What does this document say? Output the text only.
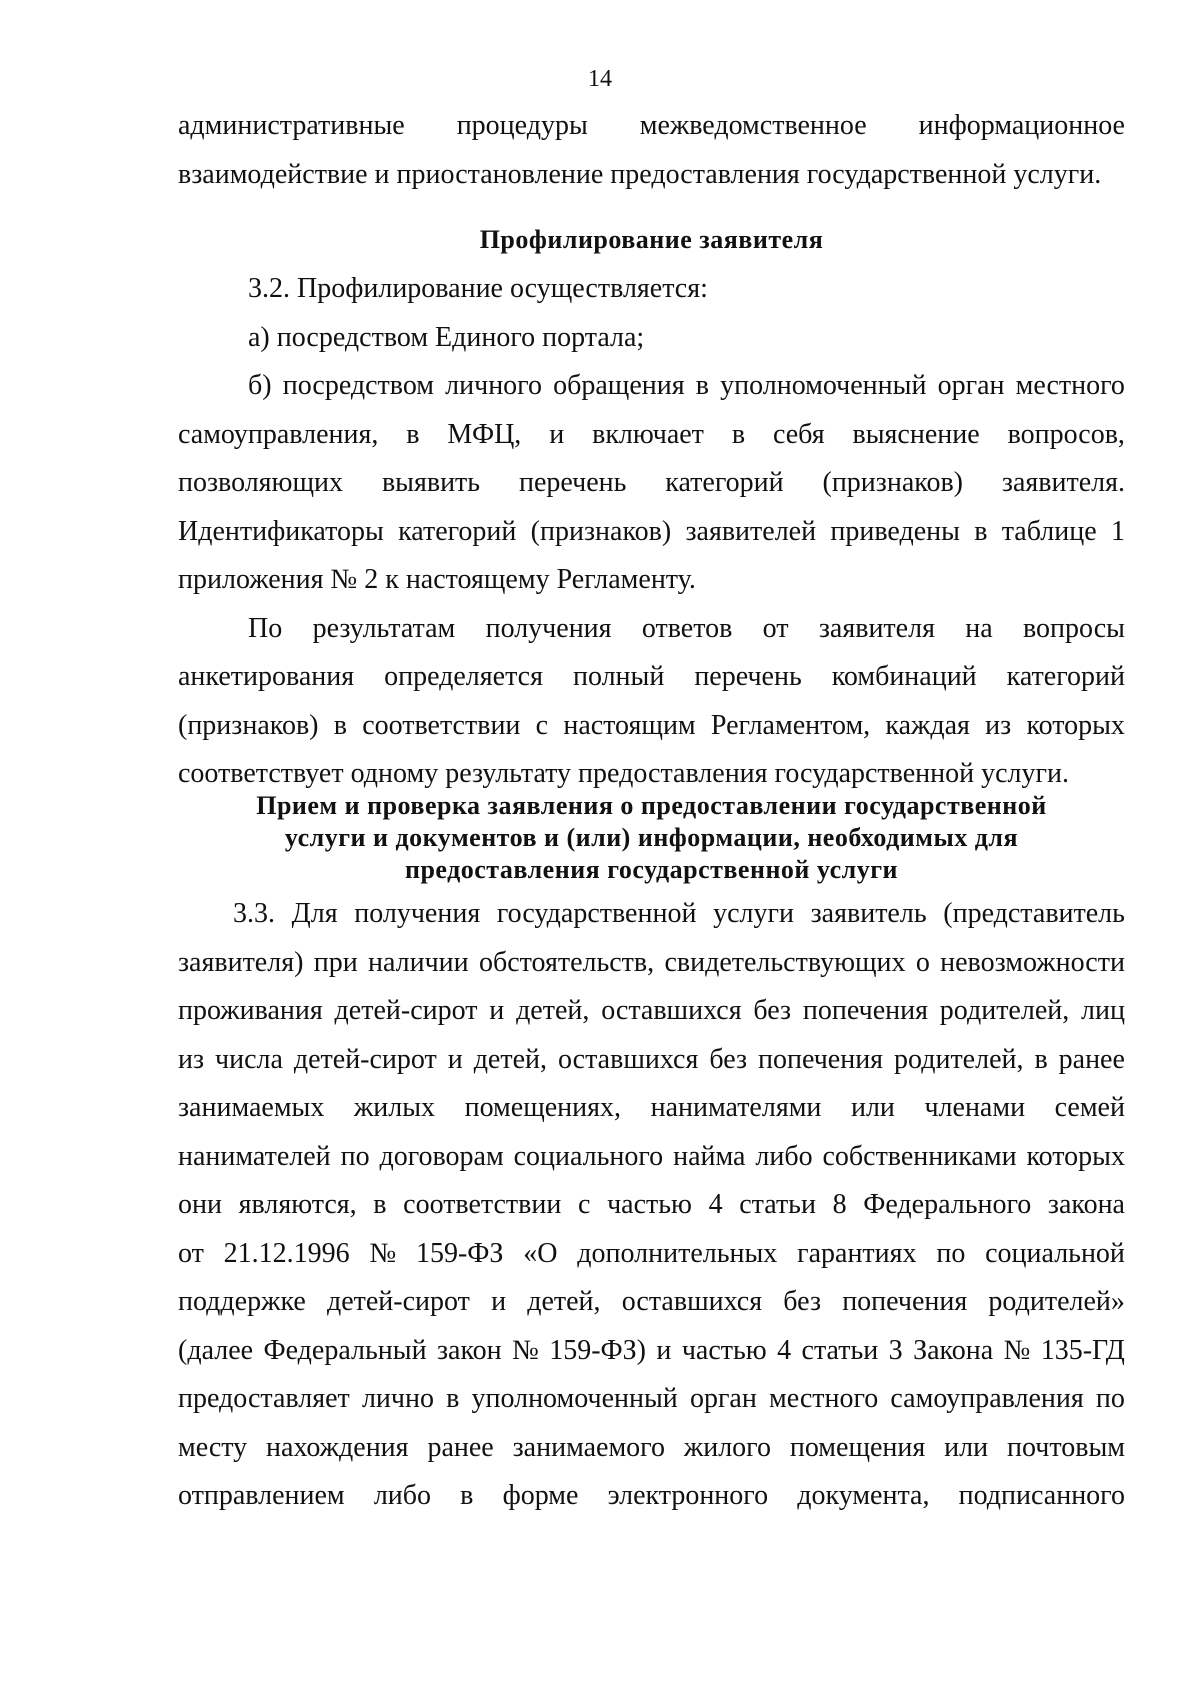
14
административные процедуры межведомственное информационное
взаимодействие и приостановление предоставления государственной услуги.
Профилирование заявителя
3.2. Профилирование осуществляется:
а) посредством Единого портала;
б) посредством личного обращения в уполномоченный орган местного
самоуправления, в МФЦ, и включает в себя выяснение вопросов,
позволяющих выявить перечень категорий (признаков) заявителя.
Идентификаторы категорий (признаков) заявителей приведены в таблице 1
приложения № 2 к настоящему Регламенту.
По результатам получения ответов от заявителя на вопросы
анкетирования определяется полный перечень комбинаций категорий
(признаков) в соответствии с настоящим Регламентом, каждая из которых
соответствует одному результату предоставления государственной услуги.
Прием и проверка заявления о предоставлении государственной
услуги и документов и (или) информации, необходимых для
предоставления государственной услуги
3.3. Для получения государственной услуги заявитель (представитель
заявителя) при наличии обстоятельств, свидетельствующих о невозможности
проживания детей-сирот и детей, оставшихся без попечения родителей, лиц
из числа детей-сирот и детей, оставшихся без попечения родителей, в ранее
занимаемых жилых помещениях, нанимателями или членами семей
нанимателей по договорам социального найма либо собственниками которых
они являются, в соответствии с частью 4 статьи 8 Федерального закона
от 21.12.1996 № 159-ФЗ «О дополнительных гарантиях по социальной
поддержке детей-сирот и детей, оставшихся без попечения родителей»
(далее Федеральный закон № 159-ФЗ) и частью 4 статьи 3 Закона № 135-ГД
предоставляет лично в уполномоченный орган местного самоуправления по
месту нахождения ранее занимаемого жилого помещения или почтовым
отправлением либо в форме электронного документа, подписанного
